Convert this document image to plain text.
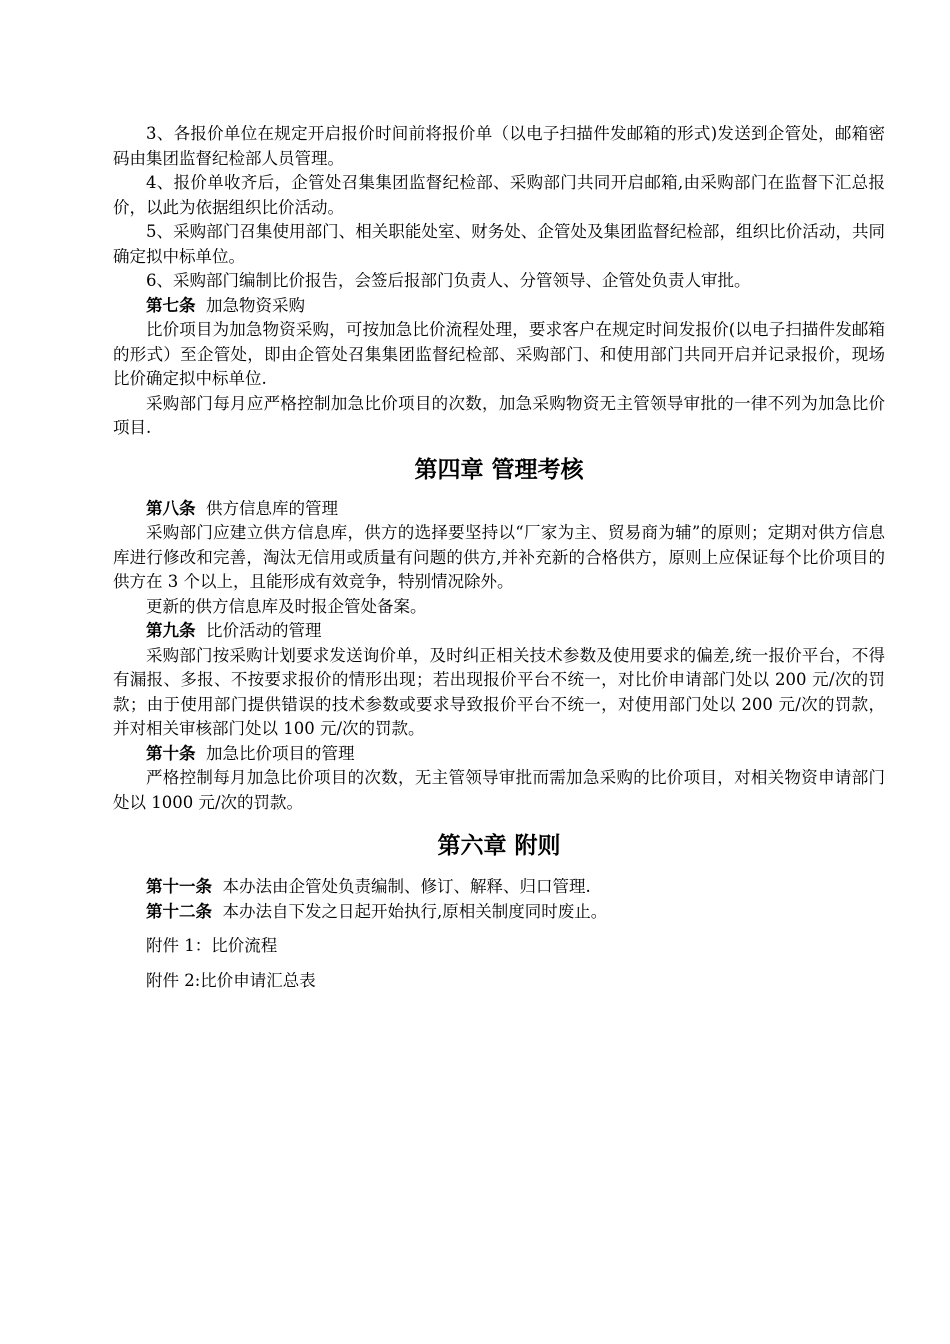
3、各报价单位在规定开启报价时间前将报价单（以电子扫描件发邮箱的形式)发送到企管处，邮箱密码由集团监督纪检部人员管理。

4、报价单收齐后，企管处召集集团监督纪检部、采购部门共同开启邮箱,由采购部门在监督下汇总报价，以此为依据组织比价活动。

5、采购部门召集使用部门、相关职能处室、财务处、企管处及集团监督纪检部，组织比价活动，共同确定拟中标单位。

6、采购部门编制比价报告，会签后报部门负责人、分管领导、企管处负责人审批。

第七条 加急物资采购

比价项目为加急物资采购，可按加急比价流程处理，要求客户在规定时间发报价(以电子扫描件发邮箱的形式）至企管处，即由企管处召集集团监督纪检部、采购部门、和使用部门共同开启并记录报价，现场比价确定拟中标单位.

采购部门每月应严格控制加急比价项目的次数，加急采购物资无主管领导审批的一律不列为加急比价项目.

第四章 管理考核

第八条 供方信息库的管理

采购部门应建立供方信息库，供方的选择要坚持以“厂家为主、贸易商为辅”的原则；定期对供方信息库进行修改和完善，淘汰无信用或质量有问题的供方,并补充新的合格供方，原则上应保证每个比价项目的供方在 3 个以上，且能形成有效竞争，特别情况除外。

更新的供方信息库及时报企管处备案。

第九条 比价活动的管理

采购部门按采购计划要求发送询价单，及时纠正相关技术参数及使用要求的偏差,统一报价平台，不得有漏报、多报、不按要求报价的情形出现；若出现报价平台不统一，对比价申请部门处以 200 元/次的罚款；由于使用部门提供错误的技术参数或要求导致报价平台不统一，对使用部门处以 200 元/次的罚款，并对相关审核部门处以 100 元/次的罚款。

第十条 加急比价项目的管理

严格控制每月加急比价项目的次数，无主管领导审批而需加急采购的比价项目，对相关物资申请部门处以 1000 元/次的罚款。

第六章 附则

第十一条 本办法由企管处负责编制、修订、解释、归口管理.

第十二条 本办法自下发之日起开始执行,原相关制度同时废止。

附件 1：比价流程

附件 2:比价申请汇总表
